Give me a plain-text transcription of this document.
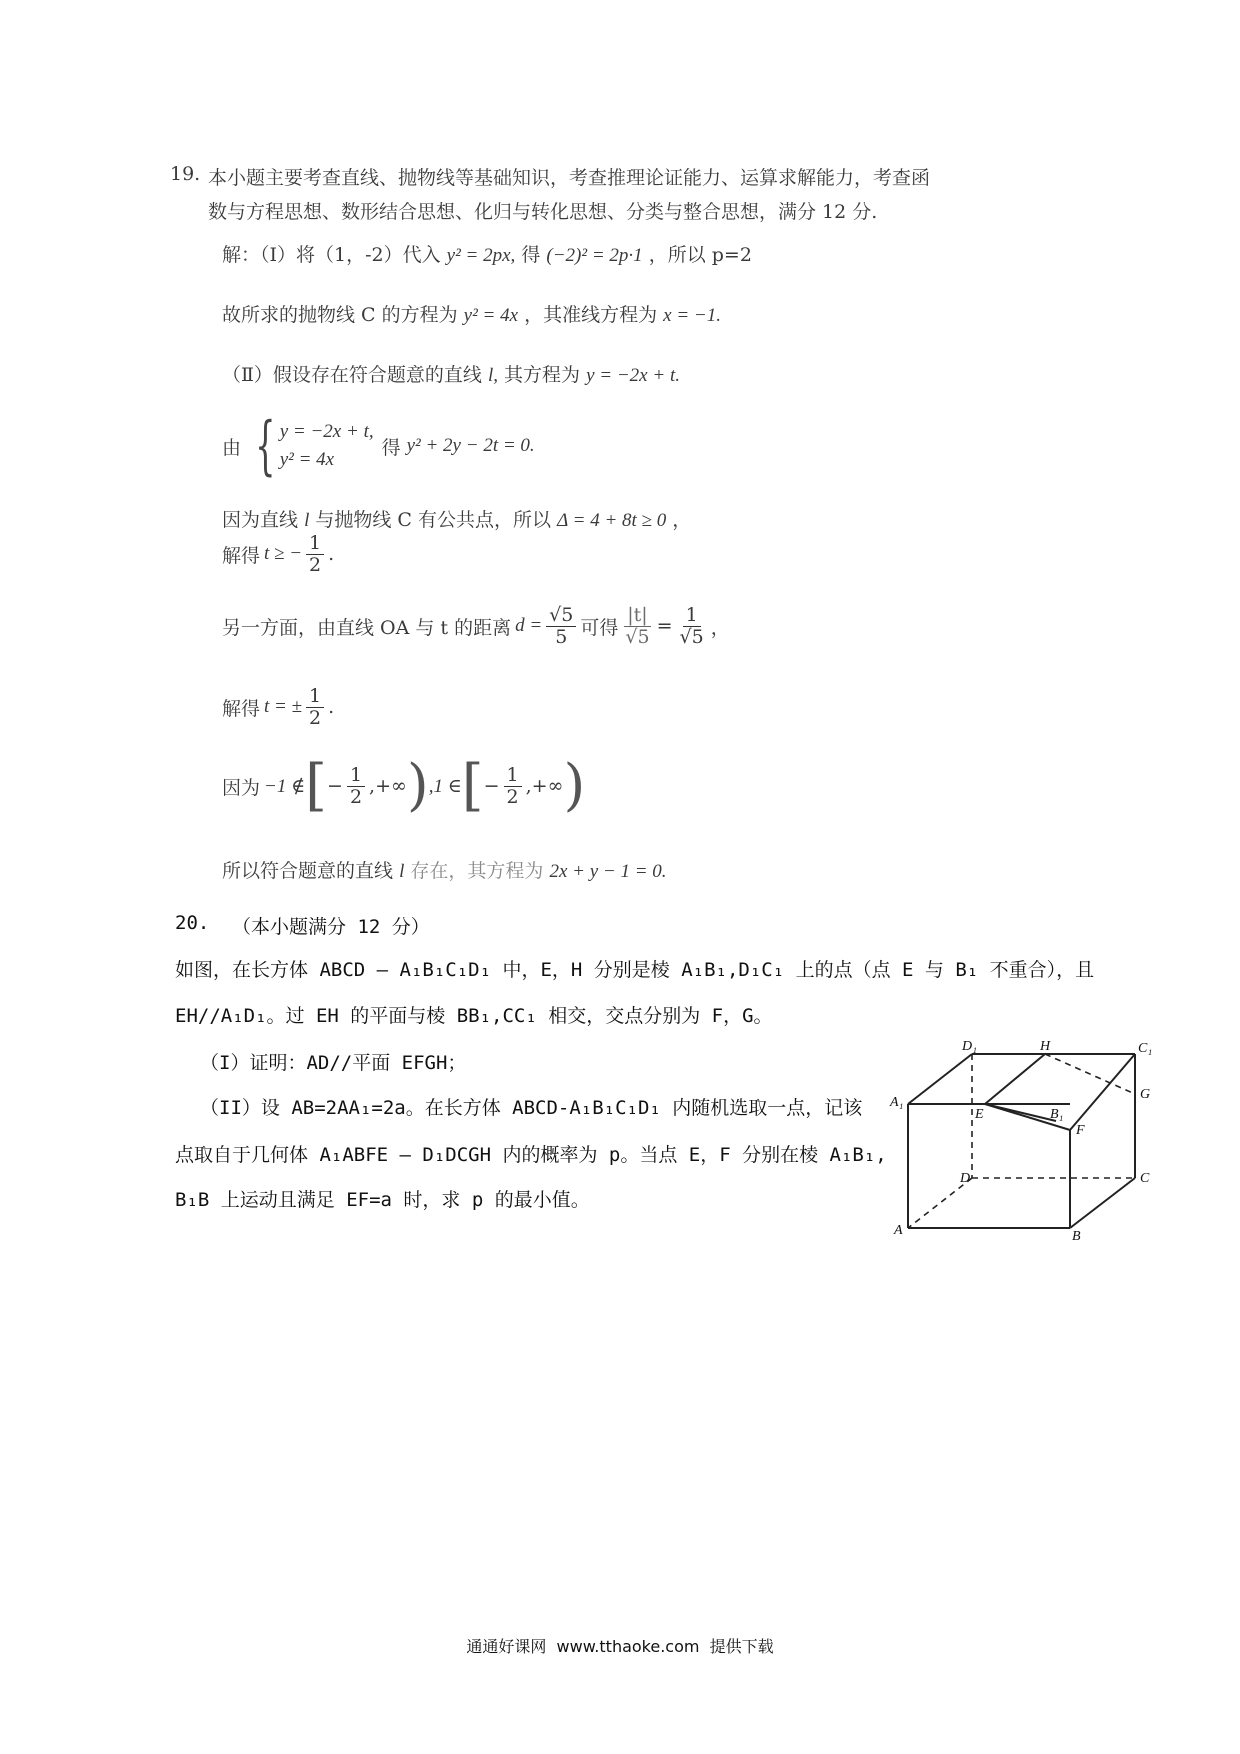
19. 本小题主要考查直线、抛物线等基础知识，考查推理论证能力、运算求解能力，考查函
数与方程思想、数形结合思想、化归与转化思想、分类与整合思想，满分 12 分.
解：（Ⅰ）将（1，-2）代入 y² = 2px, 得 (−2)² = 2p·1 ，所以 p=2
故所求的抛物线 C 的方程为 y² = 4x ，其准线方程为 x = −1.
（Ⅱ）假设存在符合题意的直线 l, 其方程为 y = −2x + t.
由 { y = −2x + t,
y² = 4x
得 y² + 2y − 2t = 0.
因为直线 l 与抛物线 C 有公共点，所以 Δ = 4 + 8t ≥ 0 ，
解得 t ≥ − $\frac{1}{2}$ .
另一方面，由直线 OA 与 t 的距离 $d = \frac{√5}{5}$ 可得 $\frac{|t|}{√5} = \frac{1}{√5}$ ，
解得 t = ± $\frac{1}{2}$ .
因为 −1 ∉ [ − $\frac{1}{2}$ ,+∞ ) ,1 ∈ [ − $\frac{1}{2}$ ,+∞ )
所以符合题意的直线 l 存在，其方程为 2x + y − 1 = 0.
20. （本小题满分 12 分）
如图，在长方体 ABCD – A₁B₁C₁D₁ 中，E，H 分别是棱 A₁B₁,D₁C₁ 上的点（点 E 与 B₁ 不重合），且
EH//A₁D₁。过 EH 的平面与棱 BB₁,CC₁ 相交，交点分别为 F，G。
（I）证明：AD//平面 EFGH；
（II）设 AB=2AA₁=2a。在长方体 ABCD-A₁B₁C₁D₁ 内随机选取一点，记该
点取自于几何体 A₁ABFE – D₁DCGH 内的概率为 p。当点 E，F 分别在棱 A₁B₁,
B₁B 上运动且满足 EF=a 时，求 p 的最小值。
D₁	H	C₁
G
A₁
E	B₁
F
D	C
A	B
通通好课网  www.tthaoke.com  提供下载
